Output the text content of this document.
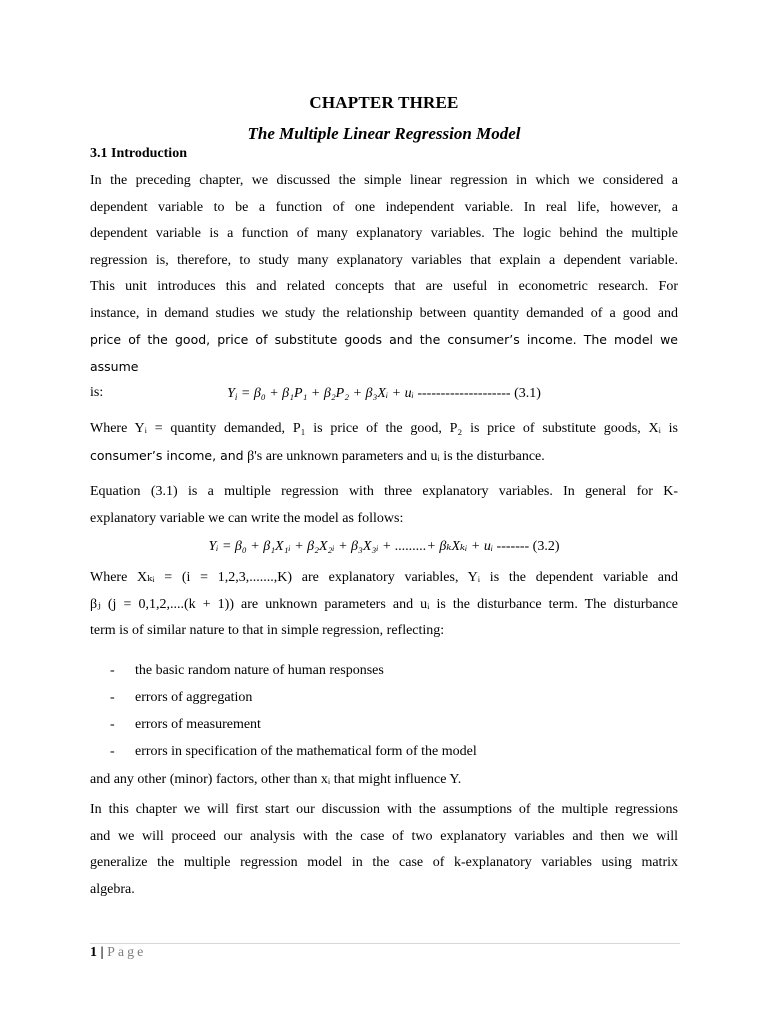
CHAPTER THREE
The Multiple Linear Regression Model
3.1 Introduction
In the preceding chapter, we discussed the simple linear regression in which we considered a
dependent variable to be a function of one independent variable. In real life, however, a
dependent variable is a function of many explanatory variables. The logic behind the multiple
regression is, therefore, to study many explanatory variables that explain a dependent variable.
This unit introduces this and related concepts that are useful in econometric research. For
instance, in demand studies we study the relationship between quantity demanded of a good and
price of the good, price of substitute goods and the consumer’s income. The model we assume
is:	$Y_i = \beta_0 + \beta_1P_1 + \beta_2P_2$ + β₃Xᵢ + uᵢ -------------------- (3.1)
Where Yᵢ = quantity demanded, P₁ is price of the good, P₂ is price of substitute goods, Xᵢ is
consumer’s income, and β's are unknown parameters and uᵢ is the disturbance.
Equation (3.1) is a multiple regression with three explanatory variables. In general for K-
explanatory variable we can write the model as follows:
Yᵢ = β₀ + β₁X₁ᵢ + β₂X₂ᵢ + β₃X₃ᵢ + .........+ βₖXₖᵢ + uᵢ ------- (3.2)
Where Xₖᵢ = (i = 1,2,3,.......,K) are explanatory variables, Yᵢ is the dependent variable and
βⱼ (j = 0,1,2,....(k + 1)) are unknown parameters and uᵢ is the disturbance term. The disturbance
term is of similar nature to that in simple regression, reflecting:
-	the basic random nature of human responses
-	errors of aggregation
-	errors of measurement
-	errors in specification of the mathematical form of the model
and any other (minor) factors, other than xᵢ that might influence Y.
In this chapter we will first start our discussion with the assumptions of the multiple regressions
and we will proceed our analysis with the case of two explanatory variables and then we will
generalize the multiple regression model in the case of k-explanatory variables using matrix
algebra.
1 | Page
